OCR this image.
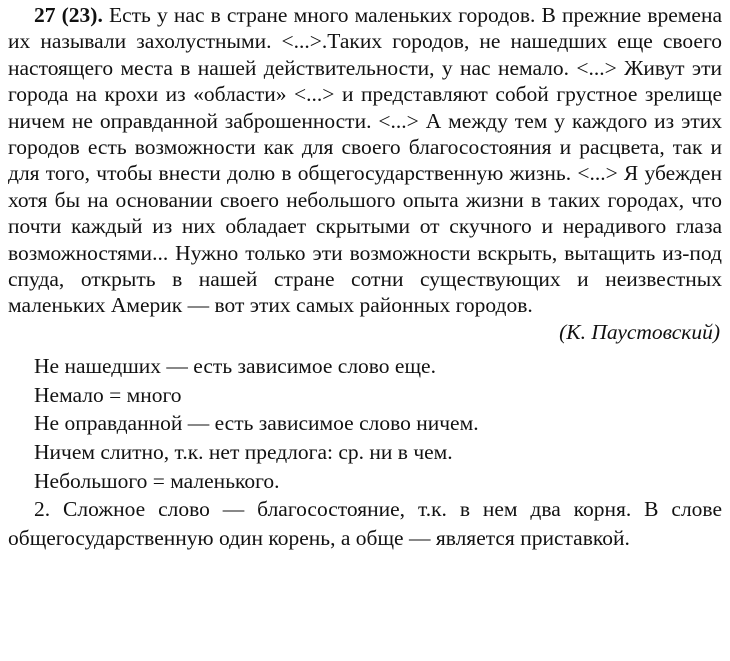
27 (23). Есть у нас в стране много маленьких городов. В прежние времена их называли захолустными. <...>.Таких городов, не нашедших еще своего настоящего места в нашей действительности, у нас немало. <...> Живут эти города на крохи из «области» <...> и представляют собой грустное зрелище ничем не оправданной заброшенности. <...> А между тем у каждого из этих городов есть возможности как для своего благосостояния и расцвета, так и для того, чтобы внести долю в общегосударственную жизнь. <...> Я убежден хотя бы на основании своего небольшого опыта жизни в таких городах, что почти каждый из них обладает скрытыми от скучного и нерадивого глаза возможностями... Нужно только эти возможности вскрыть, вытащить из-под спуда, открыть в нашей стране сотни существующих и неизвестных маленьких Америк — вот этих самых районных городов.

(К. Паустовский)

Не нашедших — есть зависимое слово еще.

Немало = много

Не оправданной — есть зависимое слово ничем.

Ничем слитно, т.к. нет предлога: ср. ни в чем.

Небольшого = маленького.

2. Сложное слово — благосостояние, т.к. в нем два корня. В слове общегосударственную один корень, а обще — является приставкой.
